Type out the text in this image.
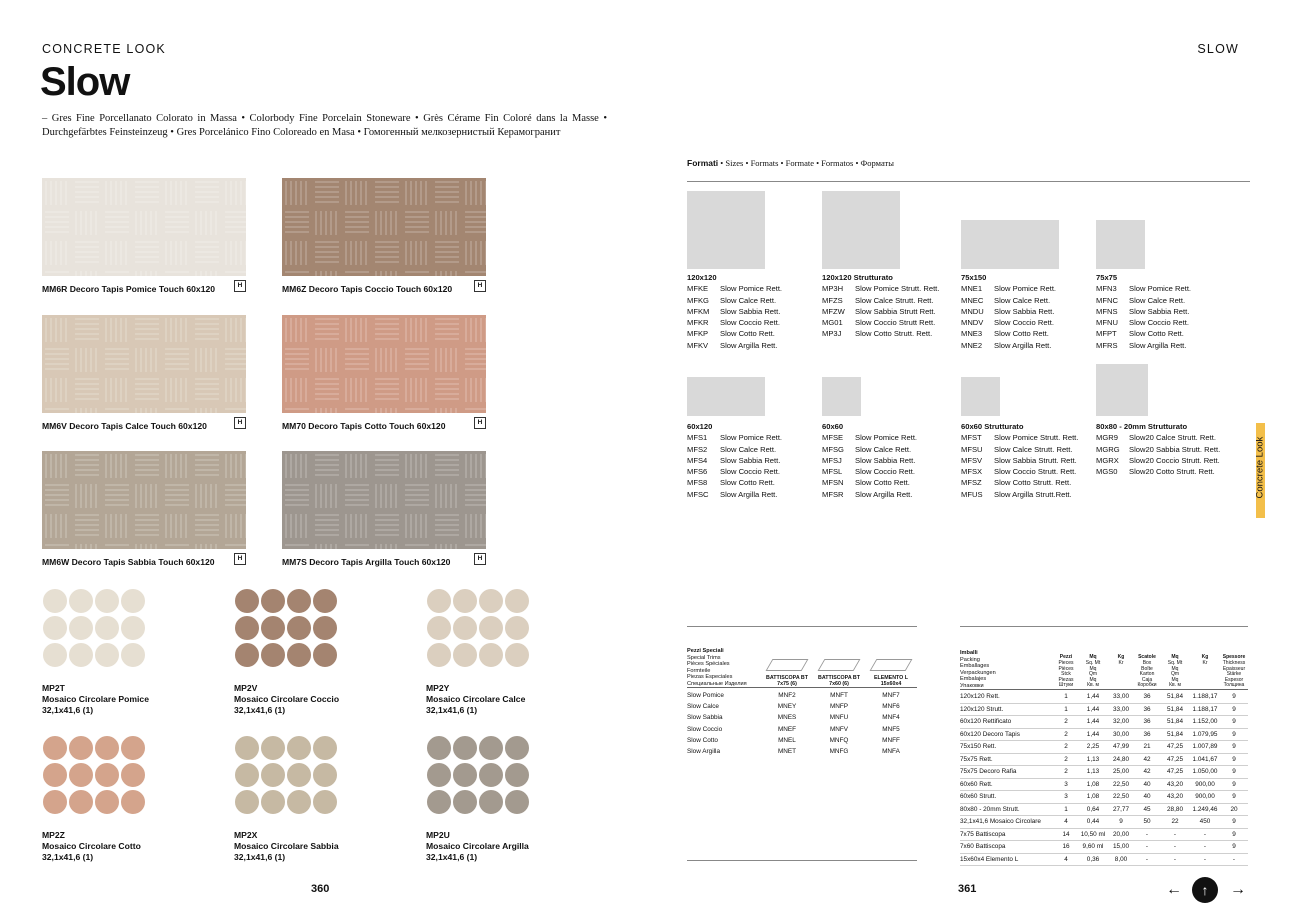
CONCRETE LOOK
Slow
– Gres Fine Porcellanato Colorato in Massa • Colorbody Fine Porcelain Stoneware • Grès Cérame Fin Coloré dans la Masse • Durchgefärbtes Feinsteinzeug • Gres Porcelánico Fino Coloreado en Masa • Гомогенный мелкозернистый Керамогранит
MM6R Decoro Tapis Pomice Touch 60x120	H	MM6Z Decoro Tapis Coccio Touch 60x120	H
MM6V Decoro Tapis Calce Touch 60x120	H	MM70 Decoro Tapis Cotto Touch 60x120	H
MM6W Decoro Tapis Sabbia Touch 60x120	H	MM7S Decoro Tapis Argilla Touch 60x120	H
MP2T
Mosaico Circolare Pomice
32,1x41,6 (1)
MP2V
Mosaico Circolare Coccio
32,1x41,6 (1)
MP2Y
Mosaico Circolare Calce
32,1x41,6 (1)
MP2Z
Mosaico Circolare Cotto
32,1x41,6 (1)
MP2X
Mosaico Circolare Sabbia
32,1x41,6 (1)
MP2U
Mosaico Circolare Argilla
32,1x41,6 (1)
360
SLOW
Formati • Sizes • Formats • Formate • Formatos • Форматы
120x120
MFKE Slow Pomice Rett.
MFKG Slow Calce Rett.
MFKM Slow Sabbia Rett.
MFKR Slow Coccio Rett.
MFKP Slow Cotto Rett.
MFKV Slow Argilla Rett.
120x120 Strutturato
MP3H Slow Pomice Strutt. Rett.
MFZS Slow Calce Strutt. Rett.
MFZW Slow Sabbia Strutt Rett.
MG01 Slow Coccio Strutt Rett.
MP3J Slow Cotto Strutt. Rett.
75x150
MNE1 Slow Pomice Rett.
MNEC Slow Calce Rett.
MNDU Slow Sabbia Rett.
MNDV Slow Coccio Rett.
MNE3 Slow Cotto Rett.
MNE2 Slow Argilla Rett.
75x75
MFN3 Slow Pomice Rett.
MFNC Slow Calce Rett.
MFNS Slow Sabbia Rett.
MFNU Slow Coccio Rett.
MFPT Slow Cotto Rett.
MFRS Slow Argilla Rett.
60x120
MFS1 Slow Pomice Rett.
MFS2 Slow Calce Rett.
MFS4 Slow Sabbia Rett.
MFS6 Slow Coccio Rett.
MFS8 Slow Cotto Rett.
MFSC Slow Argilla Rett.
60x60
MFSE Slow Pomice Rett.
MFSG Slow Calce Rett.
MFSJ Slow Sabbia Rett.
MFSL Slow Coccio Rett.
MFSN Slow Cotto Rett.
MFSR Slow Argilla Rett.
60x60 Strutturato
MFST Slow Pomice Strutt. Rett.
MFSU Slow Calce Strutt. Rett.
MFSV Slow Sabbia Strutt. Rett.
MFSX Slow Coccio Strutt. Rett.
MFSZ Slow Cotto Strutt. Rett.
MFUS Slow Argilla Strutt.Rett.
80x80 - 20mm Strutturato
MGR9 Slow20 Calce Strutt. Rett.
MGRG Slow20 Sabbia Strutt. Rett.
MGRX Slow20 Coccio Strutt. Rett.
MGS0 Slow20 Cotto Strutt. Rett.
Pezzi Speciali
Special Trims
Pièces Spéciales
Formteile
Piezas Especiales
Специальные Изделия
BATTISCOPA BT
7x75 (6)
BATTISCOPA BT
7x60 (6)
ELEMENTO L
15x60x4
Slow Pomice	MNF2	MNFT	MNF7
Slow Calce	MNEY	MNFP	MNF6
Slow Sabbia	MNES	MNFU	MNF4
Slow Coccio	MNEF	MNFV	MNF5
Slow Cotto	MNEL	MNFQ	MNFF
Slow Argilla	MNET	MNFG	MNFA
Imballi
Packing
Emballages
Verpackungen
Embalajes
Упаковки
Pezzi
Pieces
Pièces
Stck
Piezas
Штуки
Mq
Sq. Mt
Mq
Qm
Mq
Кв. м
Kg
Kr
Scatole
Box
Boîte
Karton
Caja
Коробки
Mq
Sq. Mt
Mq
Qm
Mq
Кв. м
Kg
Kr
Spessore
Thickness
Epaisseur
Stärke
Espesor
Толщина
120x120 Rett.	1	1,44	33,00	36	51,84	1.188,17	9
120x120 Strutt.	1	1,44	33,00	36	51,84	1.188,17	9
60x120 Rettificato	2	1,44	32,00	36	51,84	1.152,00	9
60x120 Decoro Tapis	2	1,44	30,00	36	51,84	1.079,95	9
75x150 Rett.	2	2,25	47,99	21	47,25	1.007,89	9
75x75 Rett.	2	1,13	24,80	42	47,25	1.041,67	9
75x75 Decoro Rafia	2	1,13	25,00	42	47,25	1.050,00	9
60x60 Rett.	3	1,08	22,50	40	43,20	900,00	9
60x60 Strutt.	3	1,08	22,50	40	43,20	900,00	9
80x80 - 20mm Strutt.	1	0,64	27,77	45	28,80	1.249,46	20
32,1x41,6 Mosaico Circolare	4	0,44	9	50	22	450	9
7x75 Battiscopa	14	10,50 ml	20,00	-	-	-	9
7x60 Battiscopa	16	9,60 ml	15,00	-	-	-	9
15x60x4 Elemento L	4	0,36	8,00	-	-	-	-
Concrete Look
361	←	↑	→
